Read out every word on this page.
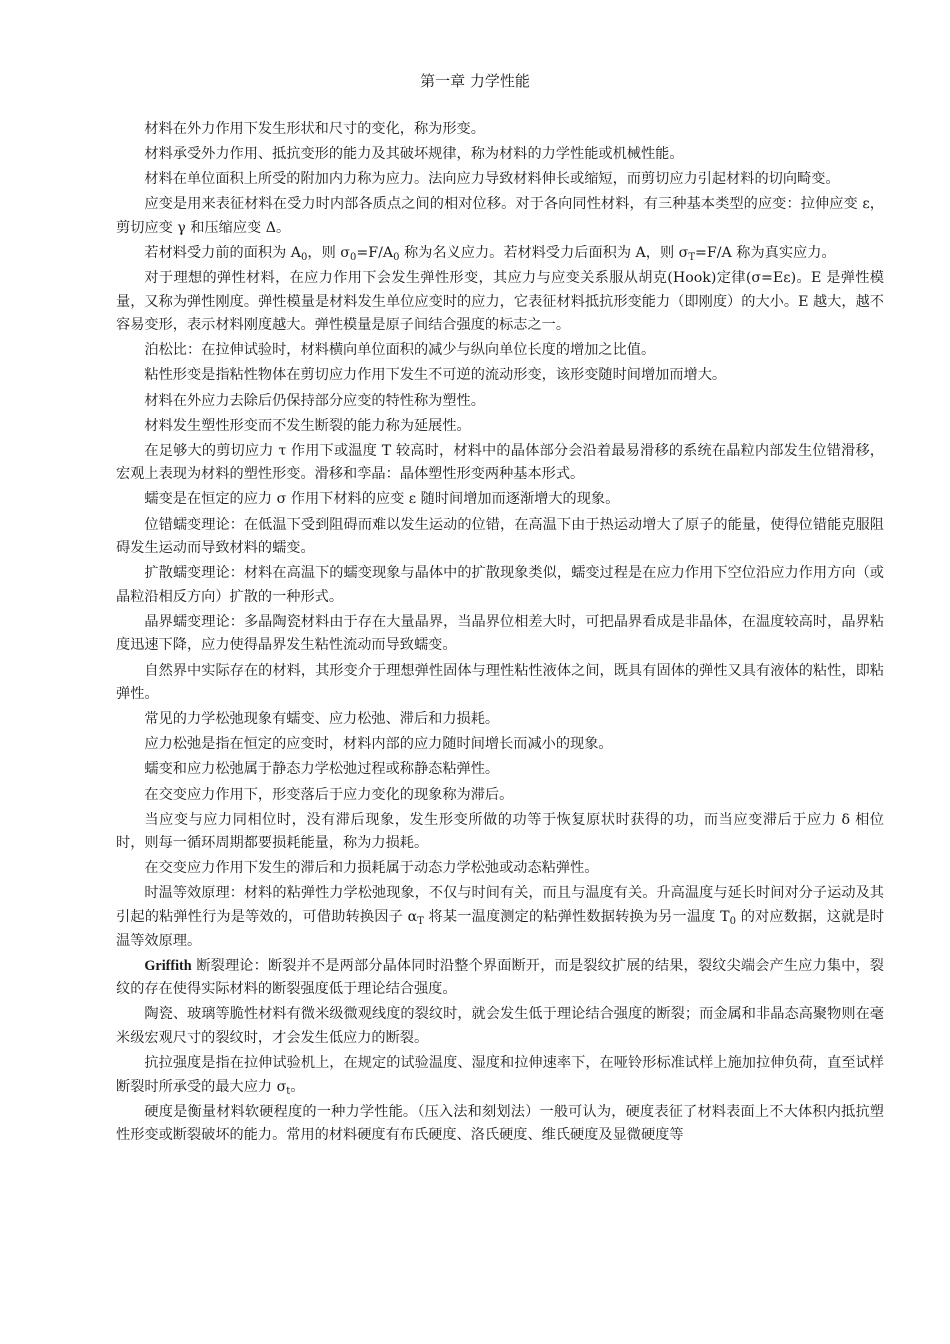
第一章 力学性能

材料在外力作用下发生形状和尺寸的变化，称为形变。

材料承受外力作用、抵抗变形的能力及其破坏规律，称为材料的力学性能或机械性能。

材料在单位面积上所受的附加内力称为应力。法向应力导致材料伸长或缩短，而剪切应力引起材料的切向畸变。

应变是用来表征材料在受力时内部各质点之间的相对位移。对于各向同性材料，有三种基本类型的应变：拉伸应变 ε， 剪切应变 γ 和压缩应变 Δ。

若材料受力前的面积为 $A_0$，则 $\sigma_0=F/A_0$ 称为名义应力。若材料受力后面积为 A，则 $\sigma_T=F/A$ 称为真实应力。

对于理想的弹性材料，在应力作用下会发生弹性形变，其应力与应变关系服从胡克(Hook)定律(σ=Eε)。E 是弹性模量，又称为弹性刚度。弹性模量是材料发生单位应变时的应力，它表征材料抵抗形变能力（即刚度）的大小。E 越大，越不容易变形，表示材料刚度越大。弹性模量是原子间结合强度的标志之一。

泊松比：在拉伸试验时，材料横向单位面积的减少与纵向单位长度的增加之比值。

粘性形变是指粘性物体在剪切应力作用下发生不可逆的流动形变，该形变随时间增加而增大。

材料在外应力去除后仍保持部分应变的特性称为塑性。

材料发生塑性形变而不发生断裂的能力称为延展性。

在足够大的剪切应力 τ 作用下或温度 T 较高时，材料中的晶体部分会沿着最易滑移的系统在晶粒内部发生位错滑移，宏观上表现为材料的塑性形变。滑移和孪晶：晶体塑性形变两种基本形式。

蠕变是在恒定的应力 σ 作用下材料的应变 ε 随时间增加而逐渐增大的现象。

位错蠕变理论：在低温下受到阻碍而难以发生运动的位错，在高温下由于热运动增大了原子的能量，使得位错能克服阻碍发生运动而导致材料的蠕变。

扩散蠕变理论：材料在高温下的蠕变现象与晶体中的扩散现象类似，蠕变过程是在应力作用下空位沿应力作用方向（或晶粒沿相反方向）扩散的一种形式。

晶界蠕变理论：多晶陶瓷材料由于存在大量晶界，当晶界位相差大时，可把晶界看成是非晶体，在温度较高时，晶界粘度迅速下降，应力使得晶界发生粘性流动而导致蠕变。

自然界中实际存在的材料，其形变介于理想弹性固体与理性粘性液体之间，既具有固体的弹性又具有液体的粘性，即粘弹性。

常见的力学松弛现象有蠕变、应力松弛、滞后和力损耗。

应力松弛是指在恒定的应变时，材料内部的应力随时间增长而减小的现象。

蠕变和应力松弛属于静态力学松弛过程或称静态粘弹性。

在交变应力作用下，形变落后于应力变化的现象称为滞后。

当应变与应力同相位时，没有滞后现象，发生形变所做的功等于恢复原状时获得的功，而当应变滞后于应力 δ 相位时，则每一循环周期都要损耗能量，称为力损耗。

在交变应力作用下发生的滞后和力损耗属于动态力学松弛或动态粘弹性。

时温等效原理：材料的粘弹性力学松弛现象，不仅与时间有关，而且与温度有关。升高温度与延长时间对分子运动及其引起的粘弹性行为是等效的，可借助转换因子 $\alpha_T$ 将某一温度测定的粘弹性数据转换为另一温度 $T_0$ 的对应数据，这就是时温等效原理。

Griffith 断裂理论：断裂并不是两部分晶体同时沿整个界面断开，而是裂纹扩展的结果，裂纹尖端会产生应力集中，裂纹的存在使得实际材料的断裂强度低于理论结合强度。

陶瓷、玻璃等脆性材料有微米级微观线度的裂纹时，就会发生低于理论结合强度的断裂；而金属和非晶态高聚物则在毫米级宏观尺寸的裂纹时，才会发生低应力的断裂。

抗拉强度是指在拉伸试验机上，在规定的试验温度、湿度和拉伸速率下，在哑铃形标准试样上施加拉伸负荷，直至试样断裂时所承受的最大应力 $\sigma_t$。

硬度是衡量材料软硬程度的一种力学性能。（压入法和刻划法）一般可认为，硬度表征了材料表面上不大体积内抵抗塑性形变或断裂破坏的能力。常用的材料硬度有布氏硬度、洛氏硬度、维氏硬度及显微硬度等
